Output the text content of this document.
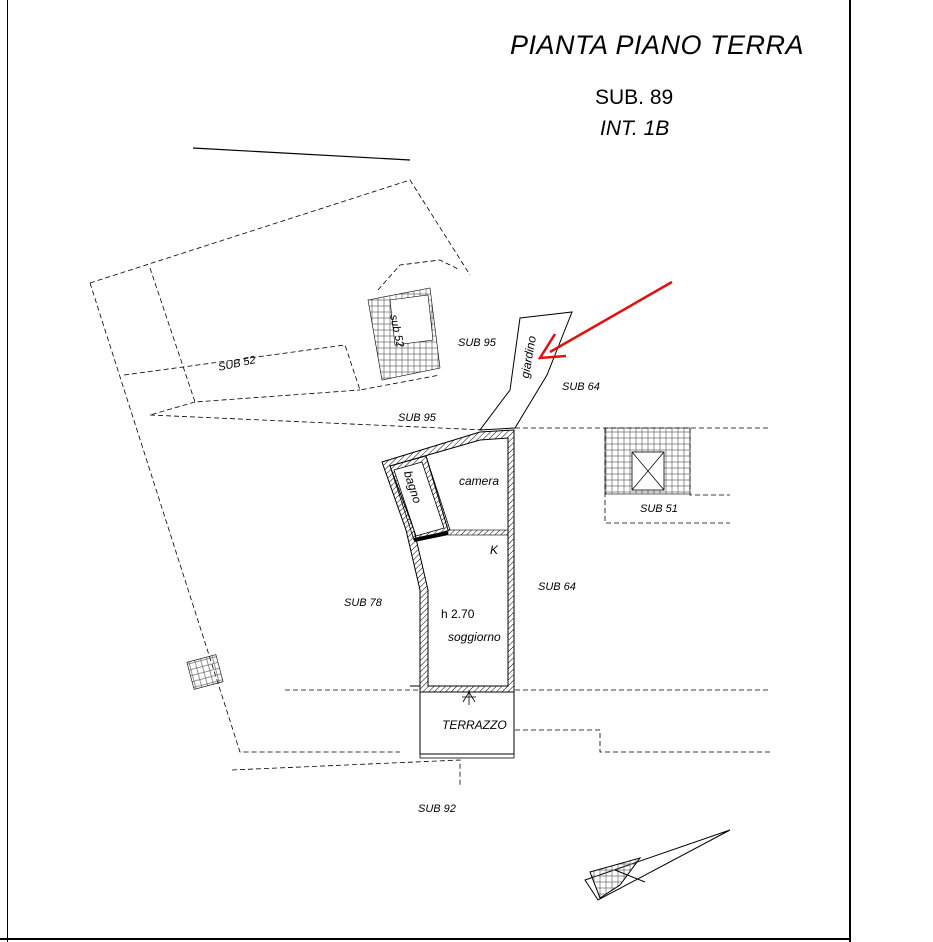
PIANTA PIANO TERRA
SUB. 89
INT. 1B
SUB 52
sub 52	SUB 95 giardino
SUB 64
SUB 95
SUB 51
SUB 64
SUB 78
SUB 92
bagno	camera
K
h 2.70
soggiorno
TERRAZZO
